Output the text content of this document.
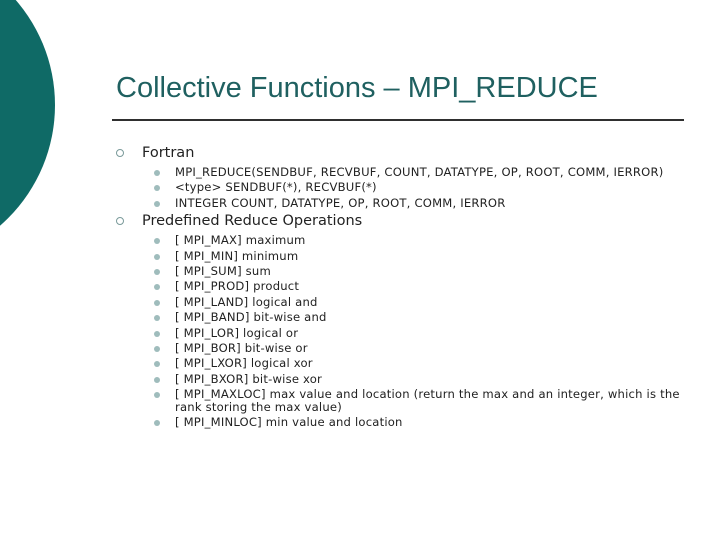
Collective Functions – MPI_REDUCE
Fortran
MPI_REDUCE(SENDBUF, RECVBUF, COUNT, DATATYPE, OP, ROOT, COMM, IERROR)
<type> SENDBUF(*), RECVBUF(*)
INTEGER COUNT, DATATYPE, OP, ROOT, COMM, IERROR
Predefined Reduce Operations
[ MPI_MAX] maximum
[ MPI_MIN] minimum
[ MPI_SUM] sum
[ MPI_PROD] product
[ MPI_LAND] logical and
[ MPI_BAND] bit-wise and
[ MPI_LOR] logical or
[ MPI_BOR] bit-wise or
[ MPI_LXOR] logical xor
[ MPI_BXOR] bit-wise xor
[ MPI_MAXLOC] max value and location (return the max and an integer, which is the rank storing the max value)
[ MPI_MINLOC] min value and location
